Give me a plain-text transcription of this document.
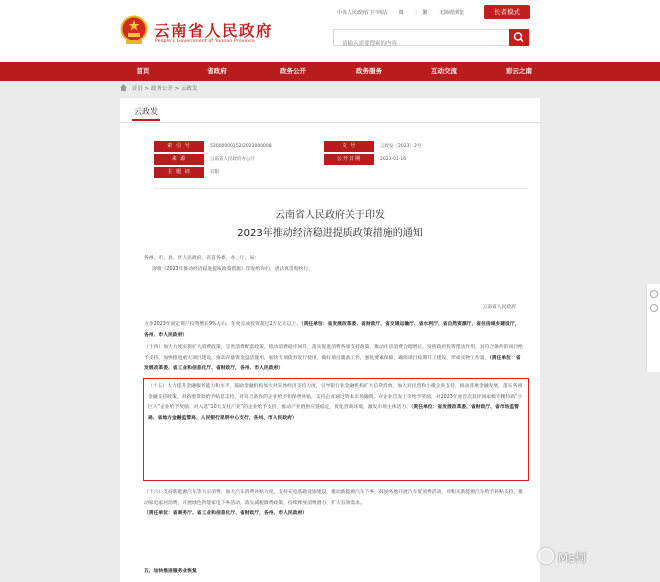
云南省人民政府
People's Government of Yunnan Province
中央人民政府门户网站 微 | 繁 无障碍浏览	长者模式
请输入需要搜索的内容
首页	省政府	政务公开	政务服务	互动交流	彩云之南
首页 > 政务公开 > 云政发
云政发
索 引 号	53000000152/2023000008	文 号	云政发〔2023〕2号
来 源	云南省人民政府办公厅	公开日期	2023-01-16
主 题 词	有限
云南省人民政府关于印发
2023年推动经济稳进提质政策措施的通知
各州、市、县、区人民政府，省直各委、办、厅、局：
现将《2023年推动经济稳进提质政策措施》印发给你们，请认真贯彻执行。
云南省人民政府
力争2023年固定资产投资增长9%左右，年度完成投资超过2万亿元以上。（责任单位：省发展改革委、省财政厅、省交通运输厅、省水利厅、省自然资源厅、省住房城乡建设厅，各州、市人民政府）
（十四）加大力度实施扩大消费政策，完善消费配套政策，推动消费稳步回升，落实促进消费各项支持政策，推动住房消费合理增长，发挥政府投资带动作用，对符合条件的项目给予支持，加快推进重大项目建设，推动存量资金盘活使用，加快专项债券发行使用，做好项目储备工作，强化要素保障，确保项目按期开工建设，形成实物工作量。（责任单位：省发展改革委、省工业和信息化厅、省财政厅，各州、市人民政府）
（十五）大力提升金融服务能力和水平，鼓励金融机构加大对实体经济支持力度，引导银行业金融机构扩大信贷投放，加大对民营和小微企业支持，推动普惠金融发展，落实各项金融支持政策。对新增贷款给予贴息支持，对符合条件的企业给予担保费补贴，支持企业通过资本市场融资。对企业首发上市给予奖励，对2023年度首次获评国家级专精特新“小巨人”企业给予奖励，对入选“10大支柱产业”的企业给予支持，推动产业链供应链稳定，优化营商环境，激发市场主体活力。（责任单位：省发展改革委、省财政厅、省市场监管局、省地方金融监管局、人民银行昆明中心支行，各州、市人民政府）
（十六）支持新能源汽车等大宗消费，加大汽车消费补贴力度，支持充电基础设施建设，推动新能源汽车下乡，鼓励各地开展汽车促消费活动，对购买新能源汽车给予补贴支持，推动家电家居消费，开展绿色智能家电下乡活动，落实减税降费政策，持续释放消费潜力，扩大有效需求。（责任单位：省商务厅、省工业和信息化厅、省财政厅，各州、市人民政府）
五、加快推进服务业恢复
Ms柯
